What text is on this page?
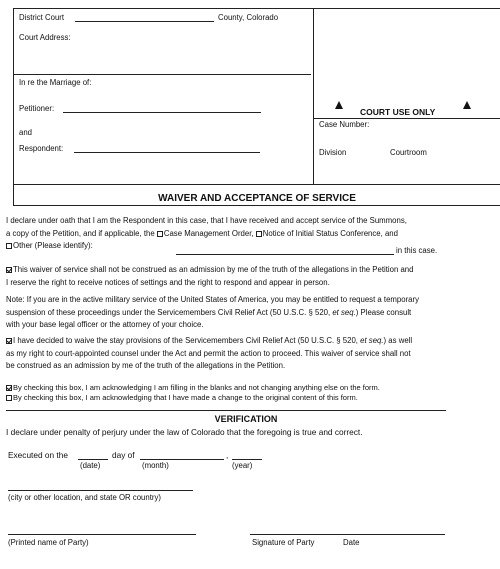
District Court	County, Colorado
Court Address:
In re the Marriage of:
Petitioner:
and
Respondent:
COURT USE ONLY
Case Number:
Division	Courtroom
WAIVER AND ACCEPTANCE OF SERVICE

I declare under oath that I am the Respondent in this case, that I have received and accept service of the Summons,

a copy of the Petition, and if applicable, the Case Management Order, Notice of Initial Status Conference, and

Other (Please identify):

in this case.

This waiver of service shall not be construed as an admission by me of the truth of the allegations in the Petition and

I reserve the right to receive notices of settings and the right to respond and appear in person.

Note: If you are in the active military service of the United States of America, you may be entitled to request a temporary

suspension of these proceedings under the Servicemembers Civil Relief Act (50 U.S.C. § 520, et seq.) Please consult

with your base legal officer or the attorney of your choice.

I have decided to waive the stay provisions of the Servicemembers Civil Relief Act (50 U.S.C. § 520, et seq.) as well

as my right to court-appointed counsel under the Act and permit the action to proceed. This waiver of service shall not

be construed as an admission by me of the truth of the allegations in the Petition.

By checking this box, I am acknowledging I am filling in the blanks and not changing anything else on the form.

By checking this box, I am acknowledging that I have made a change to the original content of this form.

VERIFICATION
I declare under penalty of perjury under the law of Colorado that the foregoing is true and correct.
Executed on the	day of	,
(date)	(month)	(year)
(city or other location, and state OR country)
(Printed name of Party)	Signature of Party	Date
